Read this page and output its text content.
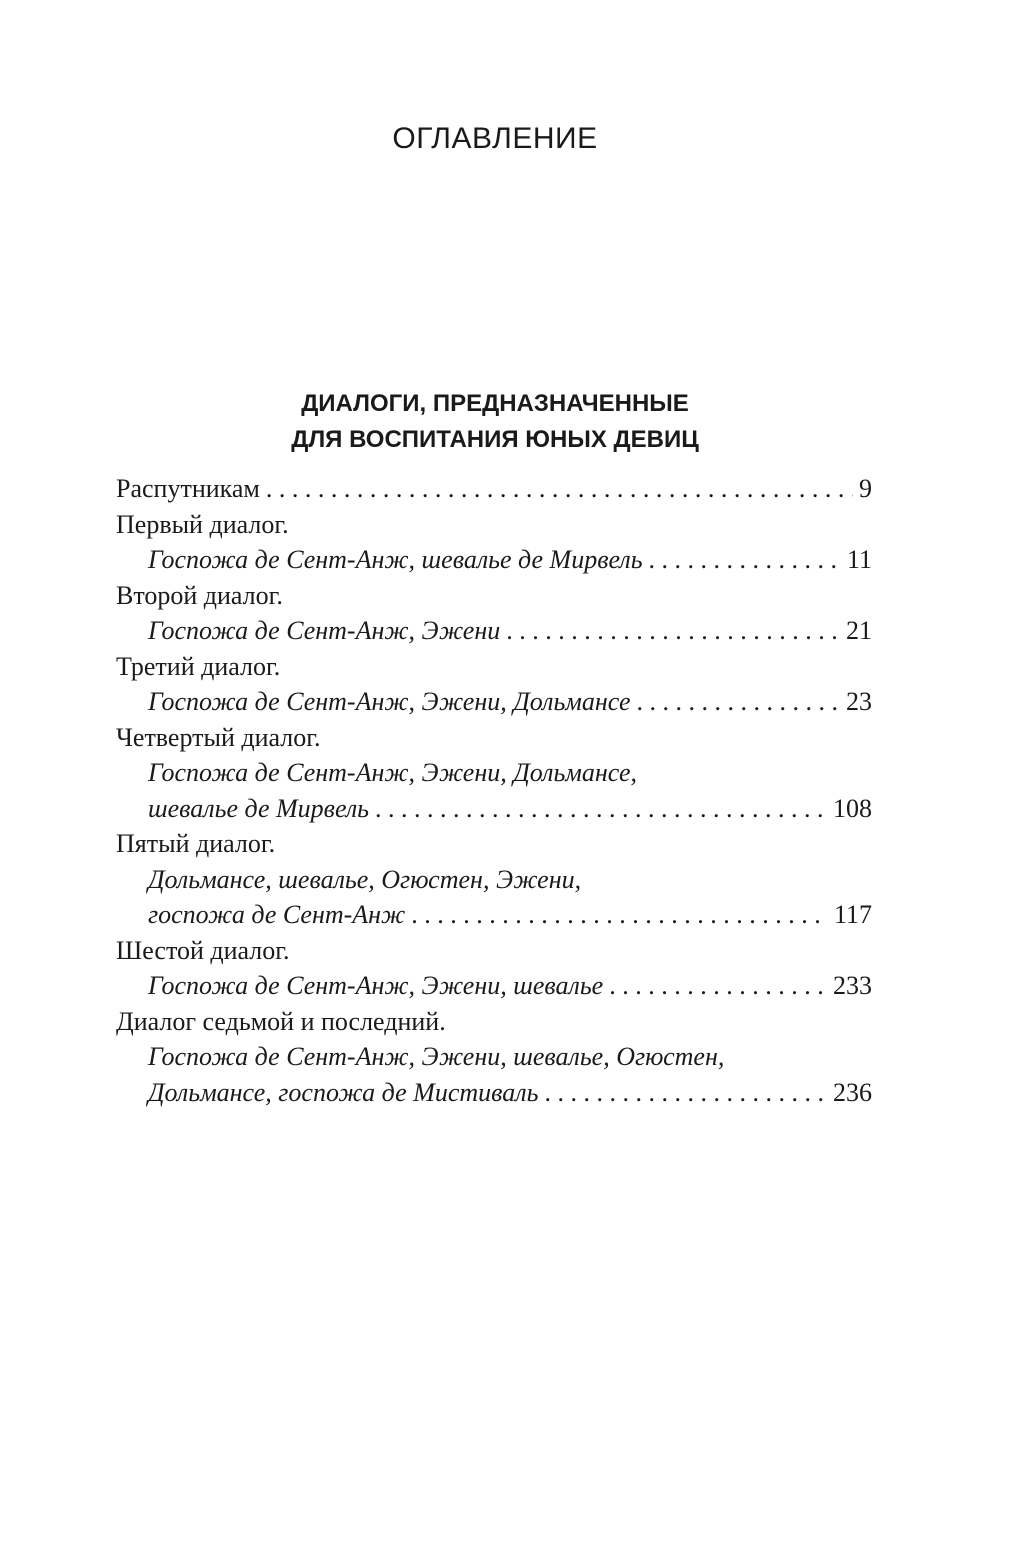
ОГЛАВЛЕНИЕ
ДИАЛОГИ, ПРЕДНАЗНАЧЕННЫЕ
ДЛЯ ВОСПИТАНИЯ ЮНЫХ ДЕВИЦ
Распутникам . . .	9
Первый диалог.
Госпожа де Сент-Анж, шевалье де Мирвель . . .	11
Второй диалог.
Госпожа де Сент-Анж, Эжени . . .	21
Третий диалог.
Госпожа де Сент-Анж, Эжени, Дольмансе . . .	23
Четвертый диалог.
Госпожа де Сент-Анж, Эжени, Дольмансе,
шевалье де Мирвель . . .	108
Пятый диалог.
Дольмансе, шевалье, Огюстен, Эжени,
госпожа де Сент-Анж . . .	117
Шестой диалог.
Госпожа де Сент-Анж, Эжени, шевалье . . .	233
Диалог седьмой и последний.
Госпожа де Сент-Анж, Эжени, шевалье, Огюстен,
Дольмансе, госпожа де Мистиваль . . .	236
